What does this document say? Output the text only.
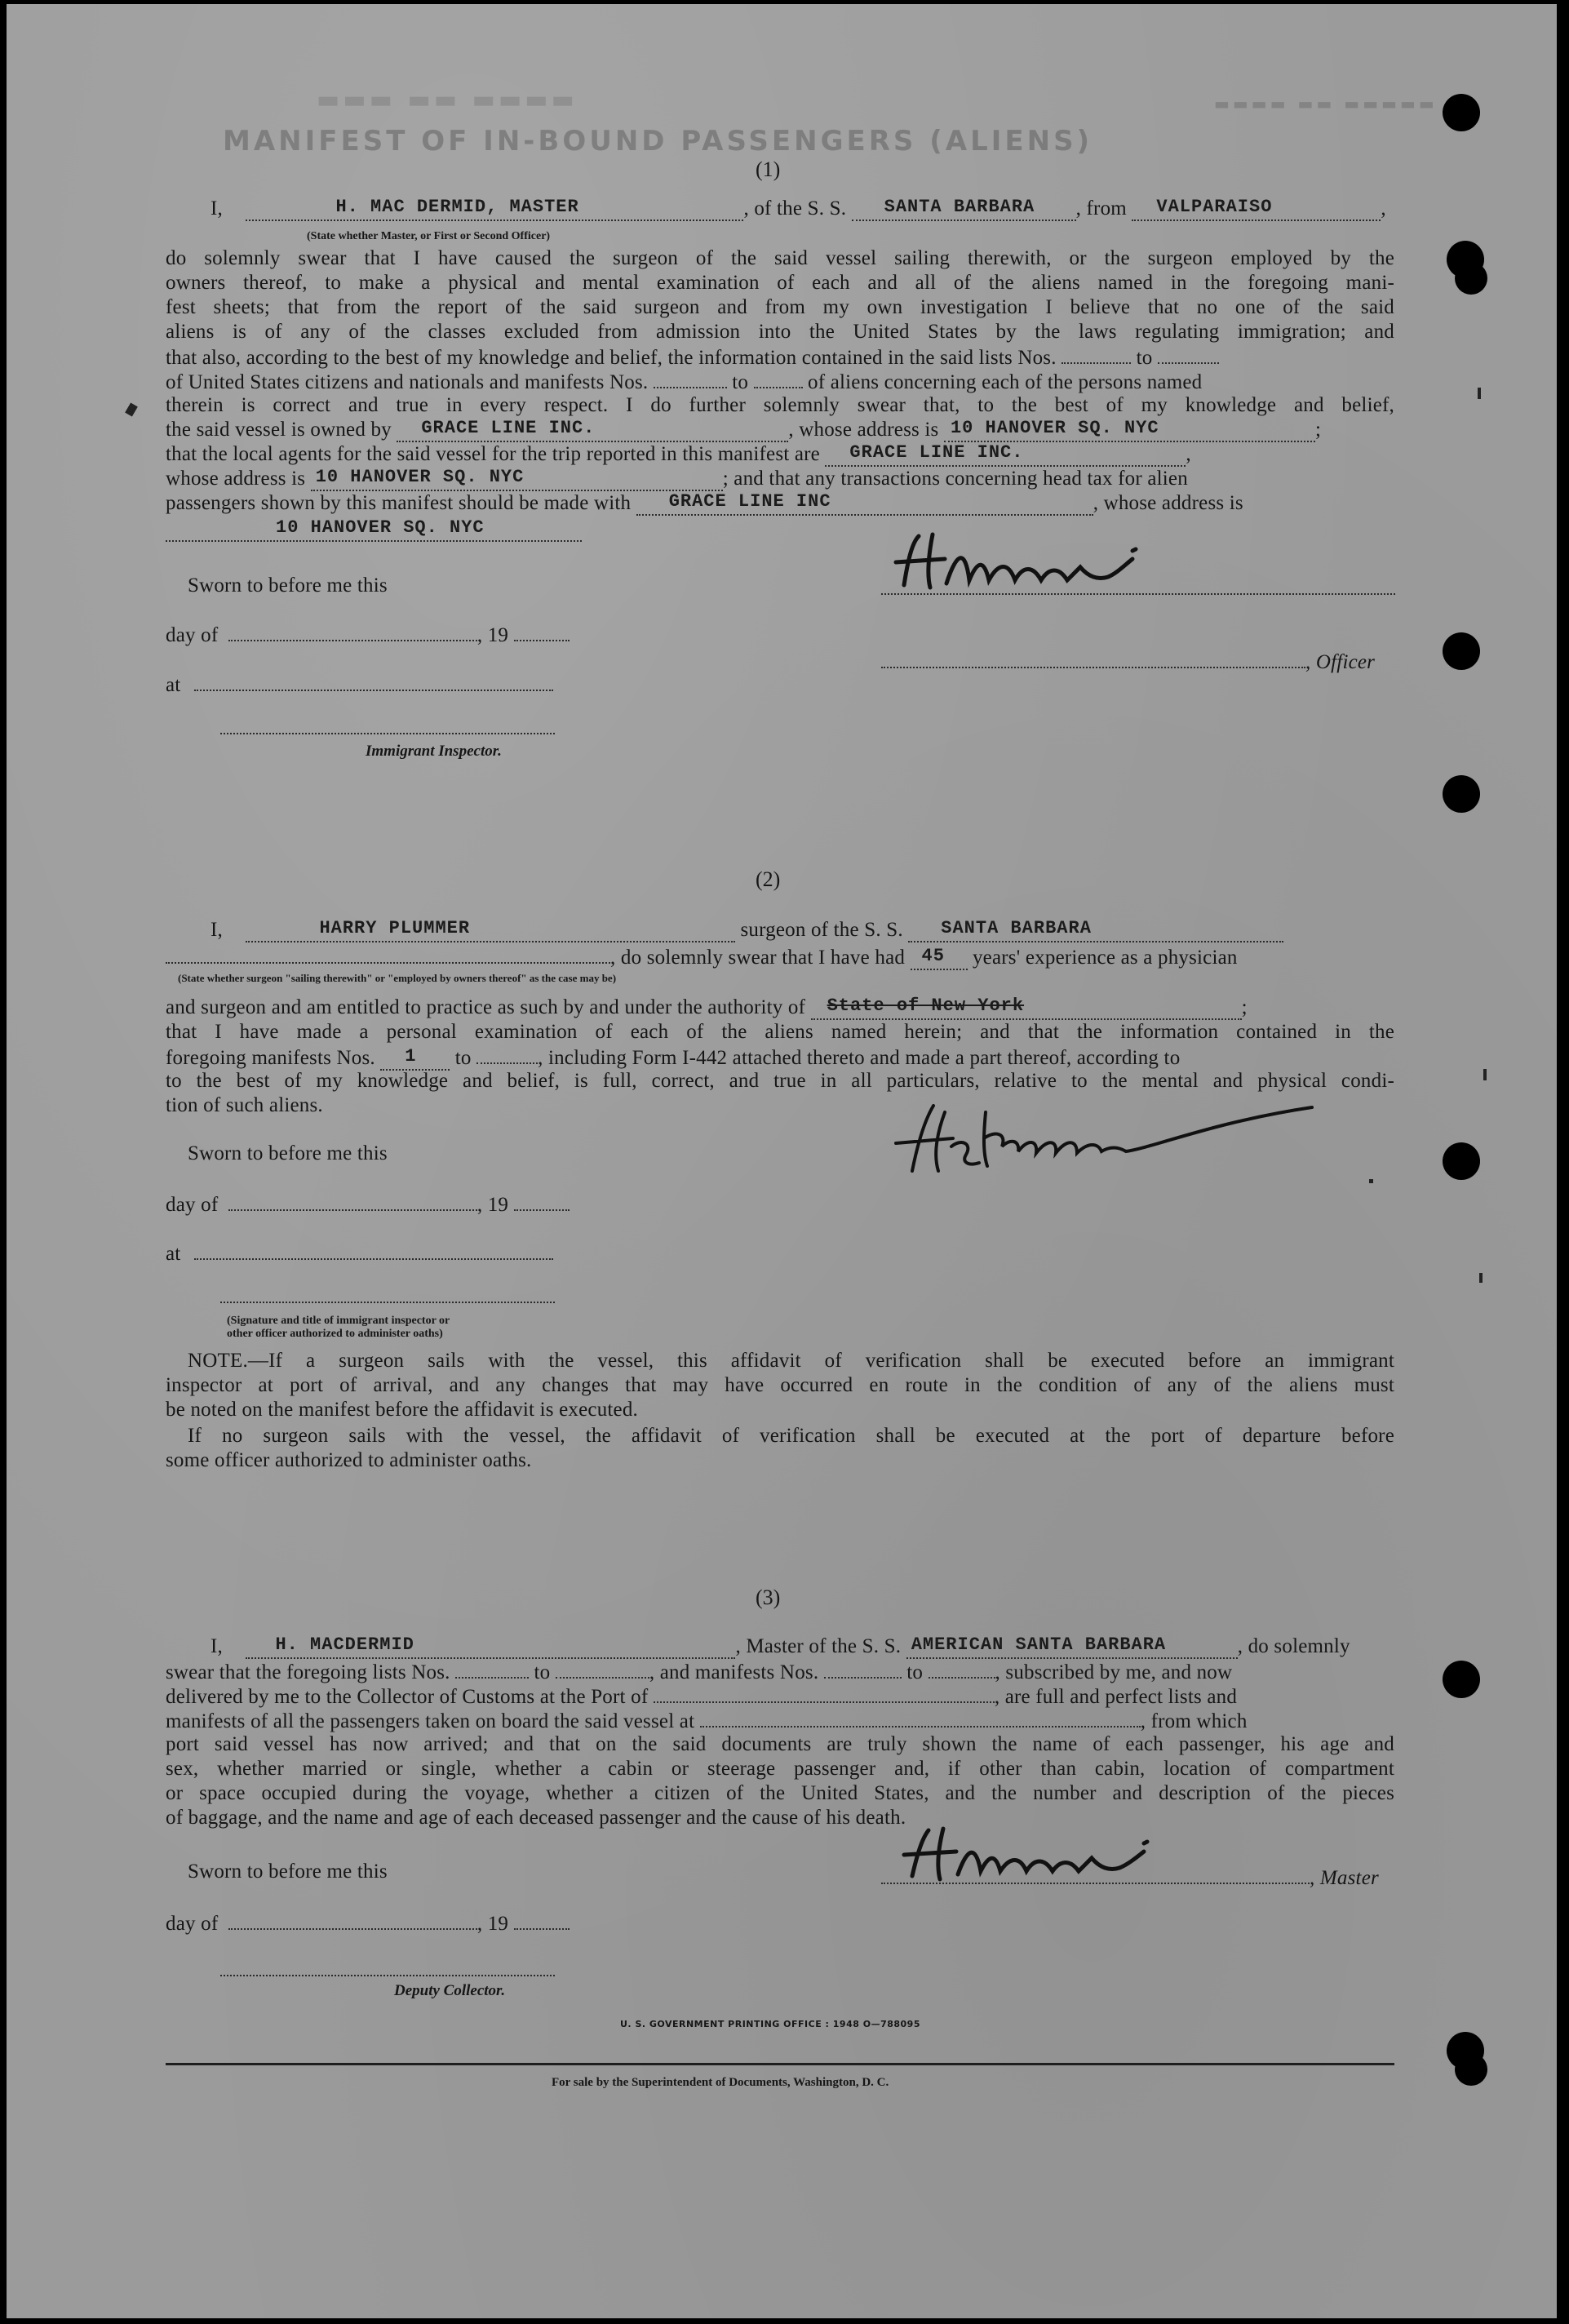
MANIFEST OF IN-BOUND PASSENGERS (ALIENS)
▬▬▬ ▬▬ ▬▬▬▬	▬▬▬▬ ▬▬ ▬▬▬▬▬
(1)
I,	H. MAC DERMID, MASTER	, of the S. S. SANTA BARBARA , from VALPARAISO	,
(State whether Master, or First or Second Officer)
do solemnly swear that I have caused the surgeon of the said vessel sailing therewith, or the surgeon employed by the
owners thereof, to make a physical and mental examination of each and all of the aliens named in the foregoing mani-
fest sheets; that from the report of the said surgeon and from my own investigation I believe that no one of the said
aliens is of any of the classes excluded from admission into the United States by the laws regulating immigration; and
that also, according to the best of my knowledge and belief, the information contained in the said lists Nos.	to
of United States citizens and nationals and manifests Nos.	to	of aliens concerning each of the persons named
therein is correct and true in every respect. I do further solemnly swear that, to the best of my knowledge and belief,
the said vessel is owned by GRACE LINE INC.	, whose address is 10 HANOVER SQ. NYC	;
that the local agents for the said vessel for the trip reported in this manifest are GRACE LINE INC.	,
whose address is 10 HANOVER SQ. NYC	; and that any transactions concerning head tax for alien
passengers shown by this manifest should be made with GRACE LINE INC	, whose address is
10 HANOVER SQ. NYC
Sworn to before me this
day of	, 19
, Officer
at
Immigrant Inspector.
(2)
I,	HARRY PLUMMER	surgeon of the S. S. SANTA BARBARA
, do solemnly swear that I have had 45 years' experience as a physician
(State whether surgeon "sailing therewith" or "employed by owners thereof" as the case may be)
and surgeon and am entitled to practice as such by and under the authority of State of New York	;
that I have made a personal examination of each of the aliens named herein; and that the information contained in the
foregoing manifests Nos. 1 to	, including Form I-442 attached thereto and made a part thereof, according to
to the best of my knowledge and belief, is full, correct, and true in all particulars, relative to the mental and physical condi-
tion of such aliens.
Sworn to before me this
day of	, 19
at
(Signature and title of immigrant inspector or
other officer authorized to administer oaths)
NOTE.—If a surgeon sails with the vessel, this affidavit of verification shall be executed before an immigrant
inspector at port of arrival, and any changes that may have occurred en route in the condition of any of the aliens must
be noted on the manifest before the affidavit is executed.
If no surgeon sails with the vessel, the affidavit of verification shall be executed at the port of departure before
some officer authorized to administer oaths.
(3)
I,	H. MACDERMID	, Master of the S. S. AMERICAN SANTA BARBARA	, do solemnly
swear that the foregoing lists Nos.	to	, and manifests Nos.	to	, subscribed by me, and now
delivered by me to the Collector of Customs at the Port of	, are full and perfect lists and
manifests of all the passengers taken on board the said vessel at	, from which
port said vessel has now arrived; and that on the said documents are truly shown the name of each passenger, his age and
sex, whether married or single, whether a cabin or steerage passenger and, if other than cabin, location of compartment
or space occupied during the voyage, whether a citizen of the United States, and the number and description of the pieces
of baggage, and the name and age of each deceased passenger and the cause of his death.
Sworn to before me this	, Master
day of	, 19
Deputy Collector.
U. S. GOVERNMENT PRINTING OFFICE : 1948 O—788095
For sale by the Superintendent of Documents, Washington, D. C.
